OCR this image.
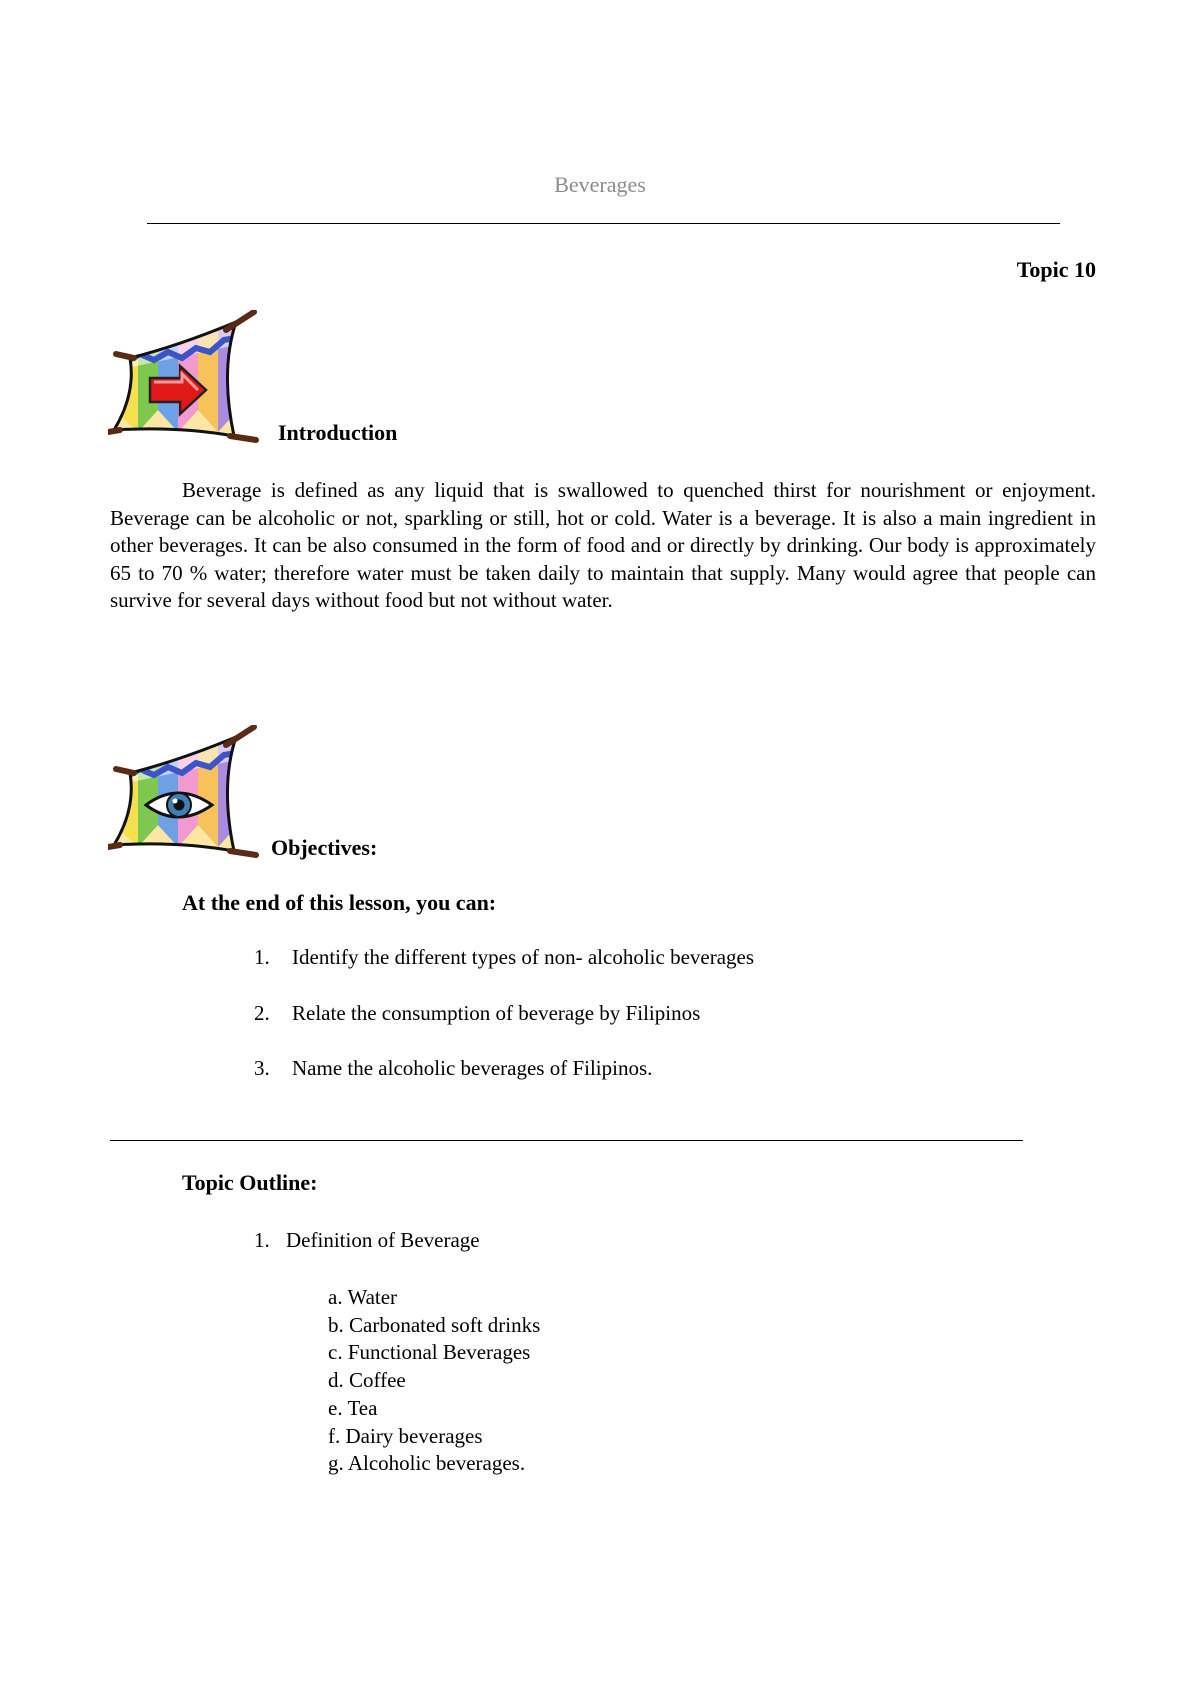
Beverages
Topic 10
Introduction
Beverage is defined as any liquid that is swallowed to quenched thirst for nourishment or enjoyment. Beverage can be alcoholic or not, sparkling or still, hot or cold. Water is a beverage. It is also a main ingredient in other beverages. It can be also consumed in the form of food and or directly by drinking. Our body is approximately 65 to 70 % water; therefore water must be taken daily to maintain that supply. Many would agree that people can survive for several days without food but not without water.
Objectives:
At the end of this lesson, you can:
1.	Identify the different types of non- alcoholic beverages
2.	Relate the consumption of beverage by Filipinos
3.	Name the alcoholic beverages of Filipinos.
Topic Outline:
1. Definition of Beverage
a. Water
b. Carbonated soft drinks
c. Functional Beverages
d. Coffee
e. Tea
f. Dairy beverages
g. Alcoholic beverages.
